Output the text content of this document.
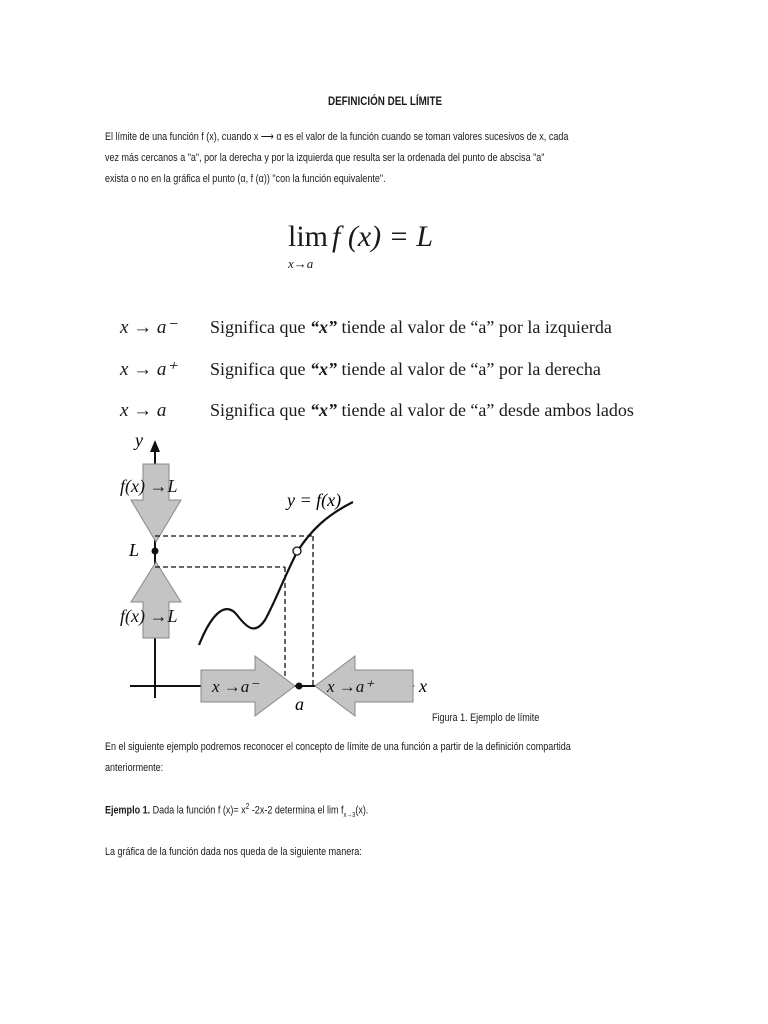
DEFINICIÓN DEL LÍMITE
El límite de una función f (x), cuando x ⟶ α es el valor de la función cuando se toman valores sucesivos de x, cada
vez más cercanos a "a", por la derecha y por la izquierda que resulta ser la ordenada del punto de abscisa "a"
exista o no en la gráfica el punto (α, f (α)) "con la función equivalente".
lim f (x) = L
x→a
x → a⁻ Significa que “x” tiende al valor de “a” por la izquierda
x → a⁺ Significa que “x” tiende al valor de “a” por la derecha
x → a Significa que “x” tiende al valor de “a” desde ambos lados
y
x
f(x) →L
f(x) →L
L
y = f(x)
x →a⁻	x →a⁺
a
Figura 1. Ejemplo de límite
En el siguiente ejemplo podremos reconocer el concepto de límite de una función a partir de la definición compartida
anteriormente:
Ejemplo 1. Dada la función f $(x)= x^2$ -2x-2 determina el $\lim f_{x\to 3}(x)$.
La gráfica de la función dada nos queda de la siguiente manera:
